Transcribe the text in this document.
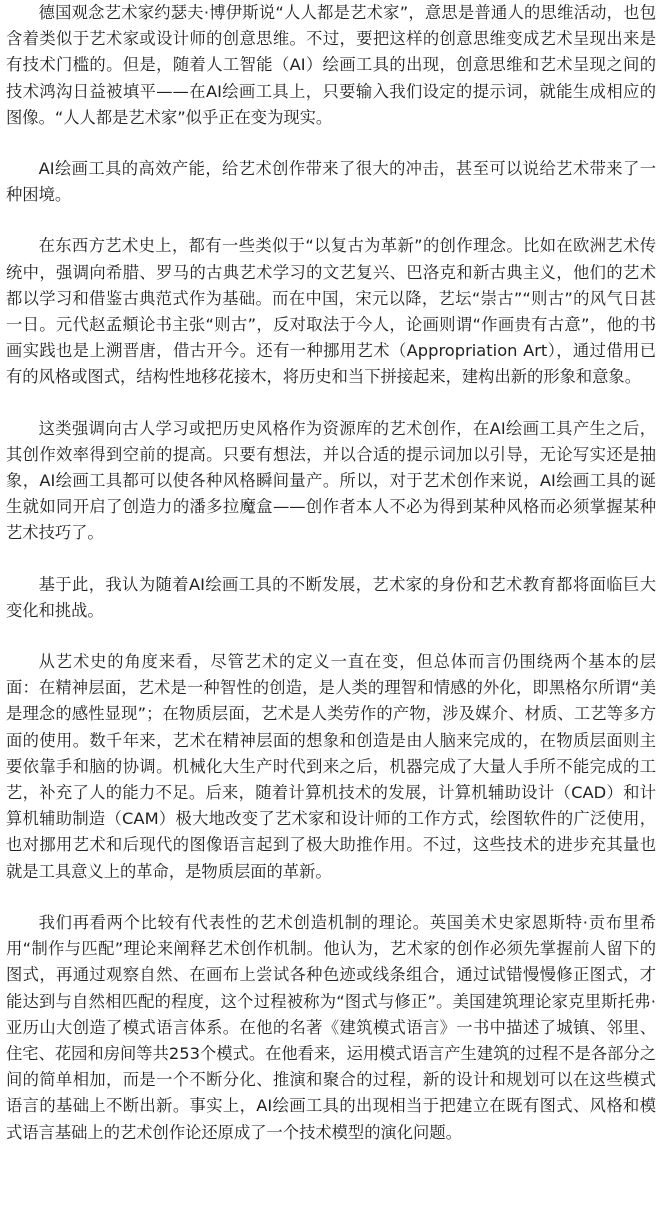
德国观念艺术家约瑟夫·博伊斯说“人人都是艺术家”，意思是普通人的思维活动，也包含着类似于艺术家或设计师的创意思维。不过，要把这样的创意思维变成艺术呈现出来是有技术门槛的。但是，随着人工智能（AI）绘画工具的出现，创意思维和艺术呈现之间的技术鸿沟日益被填平——在AI绘画工具上，只要输入我们设定的提示词，就能生成相应的图像。“人人都是艺术家”似乎正在变为现实。

AI绘画工具的高效产能，给艺术创作带来了很大的冲击，甚至可以说给艺术带来了一种困境。

在东西方艺术史上，都有一些类似于“以复古为革新”的创作理念。比如在欧洲艺术传统中，强调向希腊、罗马的古典艺术学习的文艺复兴、巴洛克和新古典主义，他们的艺术都以学习和借鉴古典范式作为基础。而在中国，宋元以降，艺坛“崇古”“则古”的风气日甚一日。元代赵孟頫论书主张“则古”，反对取法于今人，论画则谓“作画贵有古意”，他的书画实践也是上溯晋唐，借古开今。还有一种挪用艺术（Appropriation Art），通过借用已有的风格或图式，结构性地移花接木，将历史和当下拼接起来，建构出新的形象和意象。

这类强调向古人学习或把历史风格作为资源库的艺术创作，在AI绘画工具产生之后，其创作效率得到空前的提高。只要有想法，并以合适的提示词加以引导，无论写实还是抽象，AI绘画工具都可以使各种风格瞬间量产。所以，对于艺术创作来说，AI绘画工具的诞生就如同开启了创造力的潘多拉魔盒——创作者本人不必为得到某种风格而必须掌握某种艺术技巧了。

基于此，我认为随着AI绘画工具的不断发展，艺术家的身份和艺术教育都将面临巨大变化和挑战。

从艺术史的角度来看，尽管艺术的定义一直在变，但总体而言仍围绕两个基本的层面：在精神层面，艺术是一种智性的创造，是人类的理智和情感的外化，即黑格尔所谓“美是理念的感性显现”；在物质层面，艺术是人类劳作的产物，涉及媒介、材质、工艺等多方面的使用。数千年来，艺术在精神层面的想象和创造是由人脑来完成的，在物质层面则主要依靠手和脑的协调。机械化大生产时代到来之后，机器完成了大量人手所不能完成的工艺，补充了人的能力不足。后来，随着计算机技术的发展，计算机辅助设计（CAD）和计算机辅助制造（CAM）极大地改变了艺术家和设计师的工作方式，绘图软件的广泛使用，也对挪用艺术和后现代的图像语言起到了极大助推作用。不过，这些技术的进步充其量也就是工具意义上的革命，是物质层面的革新。

我们再看两个比较有代表性的艺术创造机制的理论。英国美术史家恩斯特·贡布里希用“制作与匹配”理论来阐释艺术创作机制。他认为，艺术家的创作必须先掌握前人留下的图式，再通过观察自然、在画布上尝试各种色迹或线条组合，通过试错慢慢修正图式，才能达到与自然相匹配的程度，这个过程被称为“图式与修正”。美国建筑理论家克里斯托弗·亚历山大创造了模式语言体系。在他的名著《建筑模式语言》一书中描述了城镇、邻里、住宅、花园和房间等共253个模式。在他看来，运用模式语言产生建筑的过程不是各部分之间的简单相加，而是一个不断分化、推演和聚合的过程，新的设计和规划可以在这些模式语言的基础上不断出新。事实上，AI绘画工具的出现相当于把建立在既有图式、风格和模式语言基础上的艺术创作论还原成了一个技术模型的演化问题。
